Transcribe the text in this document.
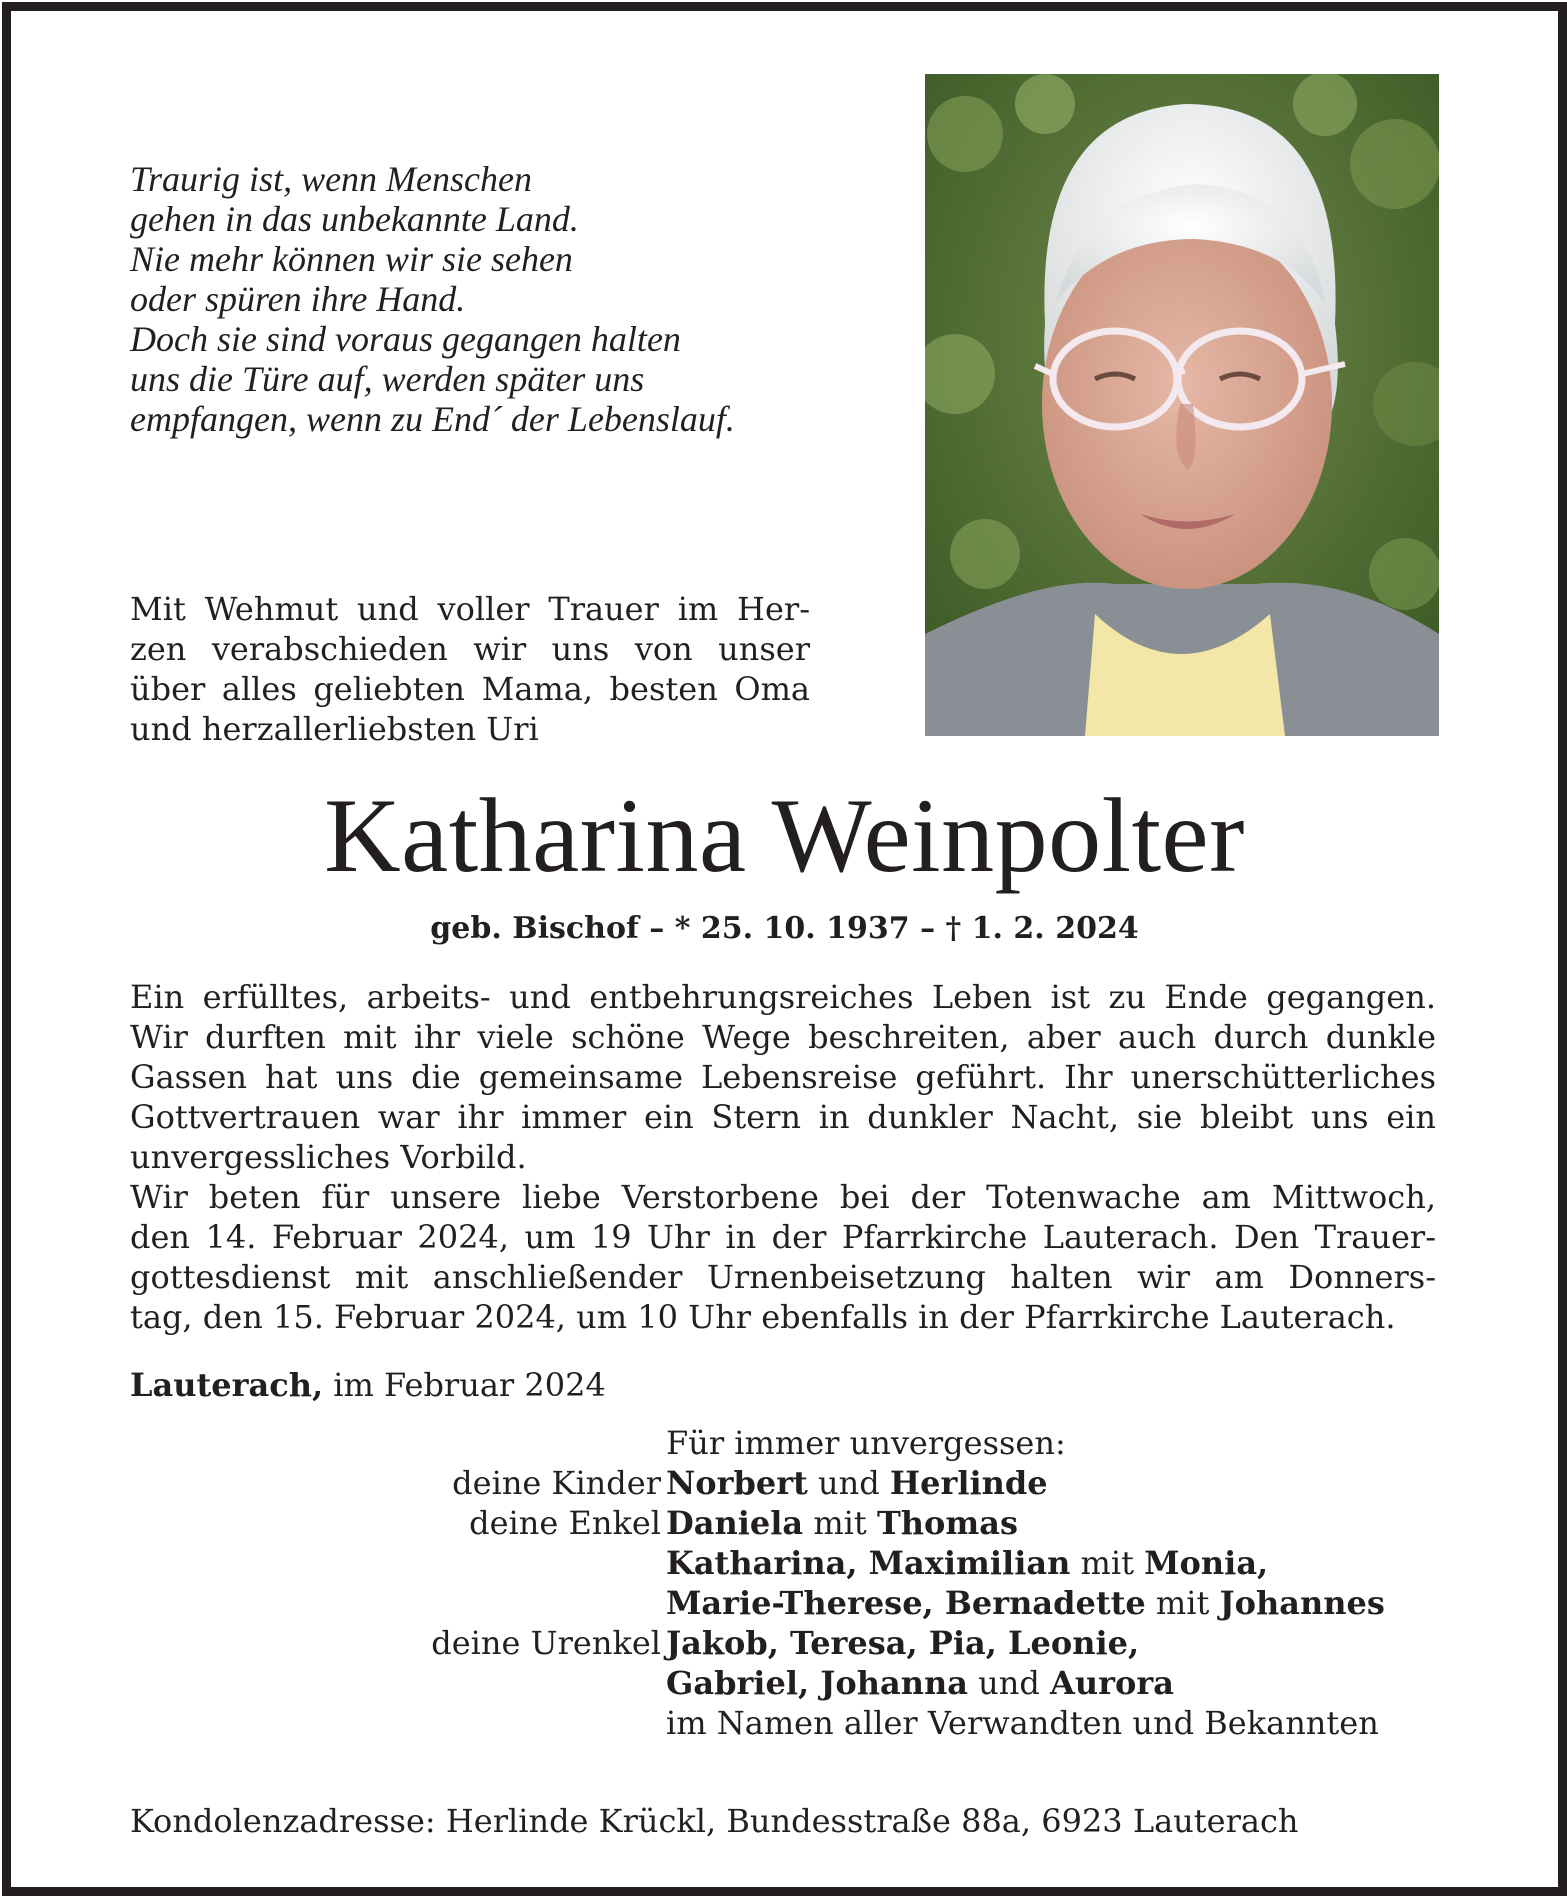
Traurig ist, wenn Menschen
gehen in das unbekannte Land.
Nie mehr können wir sie sehen
oder spüren ihre Hand.
Doch sie sind voraus gegangen halten
uns die Türe auf, werden später uns
empfangen, wenn zu End´ der Lebenslauf.
Mit Wehmut und voller Trauer im Her-
zen verabschieden wir uns von unser
über alles geliebten Mama, besten Oma
und herzallerliebsten Uri
Katharina Weinpolter
geb. Bischof – * 25. 10. 1937 – † 1. 2. 2024
Ein erfülltes, arbeits- und entbehrungsreiches Leben ist zu Ende gegangen.
Wir durften mit ihr viele schöne Wege beschreiten, aber auch durch dunkle
Gassen hat uns die gemeinsame Lebensreise geführt. Ihr unerschütterliches
Gottvertrauen war ihr immer ein Stern in dunkler Nacht, sie bleibt uns ein
unvergessliches Vorbild.
Wir beten für unsere liebe Verstorbene bei der Totenwache am Mittwoch,
den 14. Februar 2024, um 19 Uhr in der Pfarrkirche Lauterach. Den Trauer-
gottesdienst mit anschließender Urnenbeisetzung halten wir am Donners-
tag, den 15. Februar 2024, um 10 Uhr ebenfalls in der Pfarrkirche Lauterach.
Lauterach, im Februar 2024
Für immer unvergessen:
deine Kinder Norbert und Herlinde
deine Enkel Daniela mit Thomas
Katharina, Maximilian mit Monia,
Marie-Therese, Bernadette mit Johannes
deine Urenkel Jakob, Teresa, Pia, Leonie,
Gabriel, Johanna und Aurora
im Namen aller Verwandten und Bekannten
Kondolenzadresse: Herlinde Krückl, Bundesstraße 88a, 6923 Lauterach
